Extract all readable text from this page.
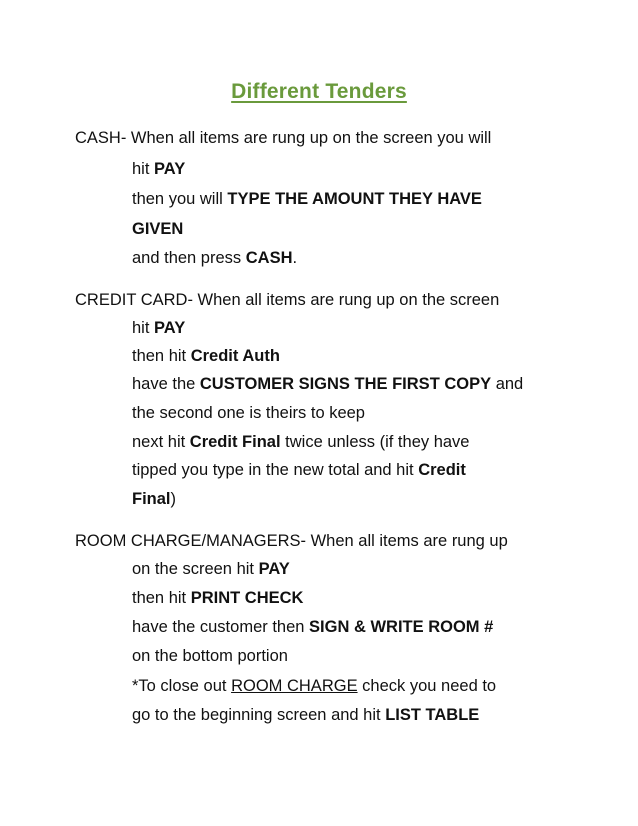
Different Tenders
CASH- When all items are rung up on the screen you will
hit PAY
then you will TYPE THE AMOUNT THEY HAVE
GIVEN
and then press CASH.
CREDIT CARD- When all items are rung up on the screen
hit PAY
then hit Credit Auth
have the CUSTOMER SIGNS THE FIRST COPY and
the second one is theirs to keep
next hit Credit Final twice unless (if they have
tipped you type in the new total and hit Credit
Final)
ROOM CHARGE/MANAGERS- When all items are rung up
on the screen hit PAY
then hit PRINT CHECK
have the customer then SIGN & WRITE ROOM #
on the bottom portion
*To close out ROOM CHARGE check you need to
go to the beginning screen and hit LIST TABLE
